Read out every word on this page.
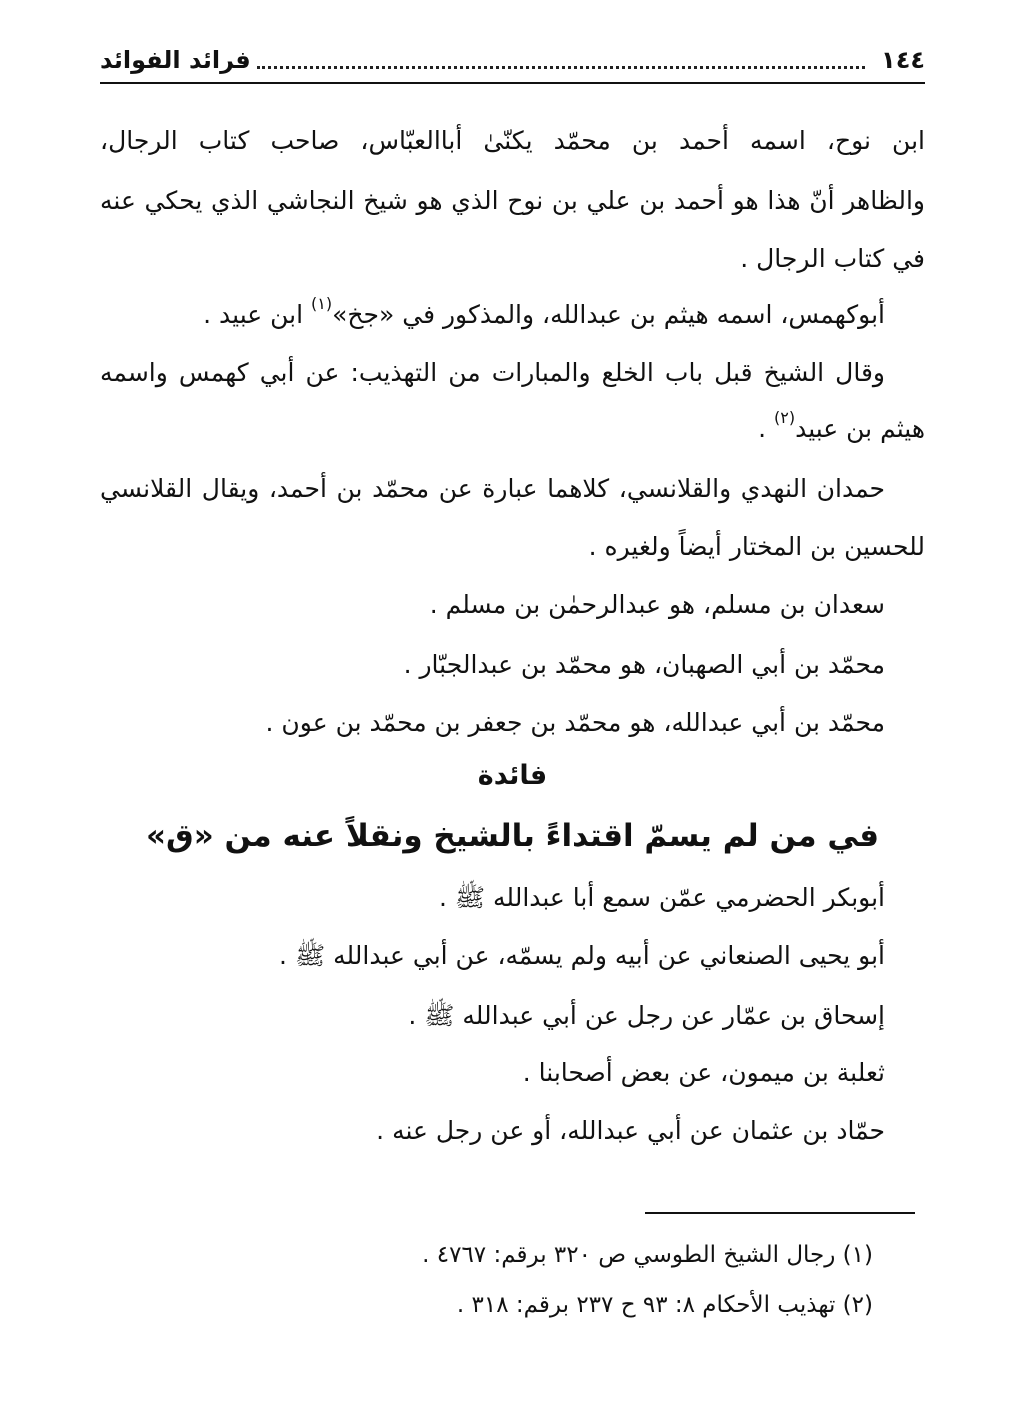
١٤٤
فرائد الفوائد
ابن نوح، اسمه أحمد بن محمّد يكنّىٰ أباالعبّاس، صاحب كتاب الرجال،
والظاهر أنّ هذا هو أحمد بن علي بن نوح الذي هو شيخ النجاشي الذي يحكي عنه
في كتاب الرجال .
أبوكهمس، اسمه هيثم بن عبدالله، والمذكور في «جخ»$^{(١)}$ ابن عبيد .
وقال الشيخ قبل باب الخلع والمبارات من التهذيب: عن أبي كهمس واسمه
هيثم بن عبيد$^{(٢)}$ .
حمدان النهدي والقلانسي، كلاهما عبارة عن محمّد بن أحمد، ويقال القلانسي
للحسين بن المختار أيضاً ولغيره .
سعدان بن مسلم، هو عبدالرحمٰن بن مسلم .
محمّد بن أبي الصهبان، هو محمّد بن عبدالجبّار .
محمّد بن أبي عبدالله، هو محمّد بن جعفر بن محمّد بن عون .
فائدة
في من لم يسمّ اقتداءً بالشيخ ونقلاً عنه من «ق»
أبوبكر الحضرمي عمّن سمع أبا عبدالله ﷺ .
أبو يحيى الصنعاني عن أبيه ولم يسمّه، عن أبي عبدالله ﷺ .
إسحاق بن عمّار عن رجل عن أبي عبدالله ﷺ .
ثعلبة بن ميمون، عن بعض أصحابنا .
حمّاد بن عثمان عن أبي عبدالله، أو عن رجل عنه .
(١) رجال الشيخ الطوسي ص ٣٢٠ برقم: ٤٧٦٧ .
(٢) تهذيب الأحكام ٨: ٩٣ ح ٢٣٧ برقم: ٣١٨ .
